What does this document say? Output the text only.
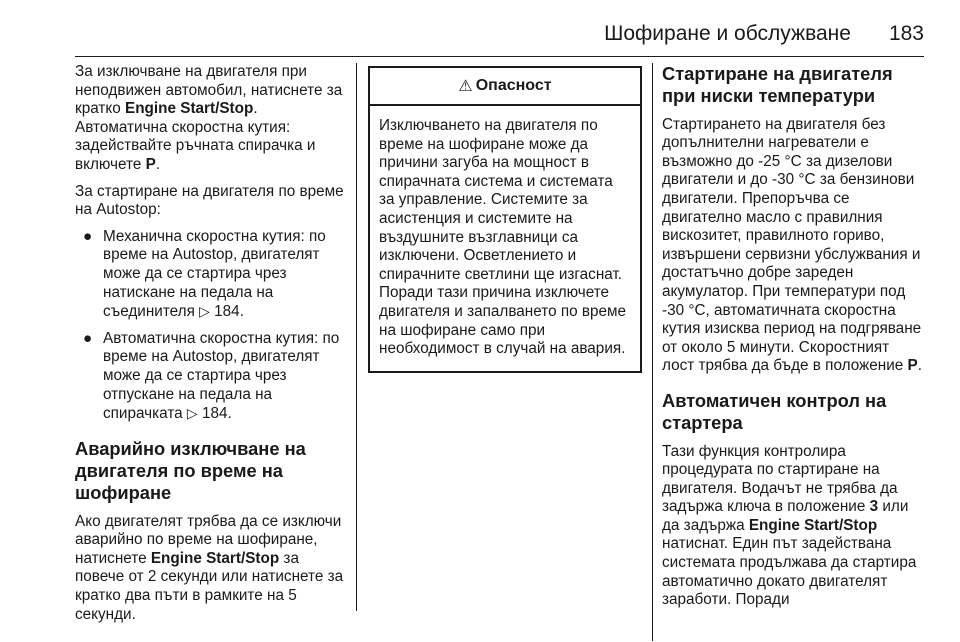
Шофиране и обслужване 183

За изключване на двигателя при неподвижен автомобил, натиснете за кратко Engine Start/Stop.
Автоматична скоростна кутия: задействайте ръчната спирачка и включете P.

За стартиране на двигателя по време на Autostop:

● Механична скоростна кутия: по време на Autostop, двигателят може да се стартира чрез натискане на педала на съединителя ▷ 184.
● Автоматична скоростна кутия: по време на Autostop, двигателят може да се стартира чрез отпускане на педала на спирачката ▷ 184.
Аварийно изключване на двигателя по време на шофиране

Ако двигателят трябва да се изключи аварийно по време на шофиране, натиснете Engine Start/Stop за повече от 2 секунди или натиснете за кратко два пъти в рамките на 5 секунди.

⚠ Опасност
Изключването на двигателя по време на шофиране може да причини загуба на мощност в спирачната система и системата за управление. Системите за асистенция и системите на въздушните възглавници са изключени. Осветлението и спирачните светлини ще изгаснат. Поради тази причина изключете двигателя и запалването по време на шофиране само при необходимост в случай на авария.
Стартиране на двигателя при ниски температури

Стартирането на двигателя без допълнителни нагреватели е възможно до -25 °C за дизелови двигатели и до -30 °C за бензинови двигатели. Препоръчва се двигателно масло с правилния вискозитет, правилното гориво, извършени сервизни убслужвания и достатъчно добре зареден акумулатор. При температури под -30 °C, автоматичната скоростна кутия изисква период на подгряване от около 5 минути. Скоростният лост трябва да бъде в положение P.

Автоматичен контрол на стартера

Тази функция контролира процедурата по стартиране на двигателя. Водачът не трябва да задържа ключа в положение 3 или да задържа Engine Start/Stop натиснат. Един път задействана системата продължава да стартира автоматично докато двигателят заработи. Поради
